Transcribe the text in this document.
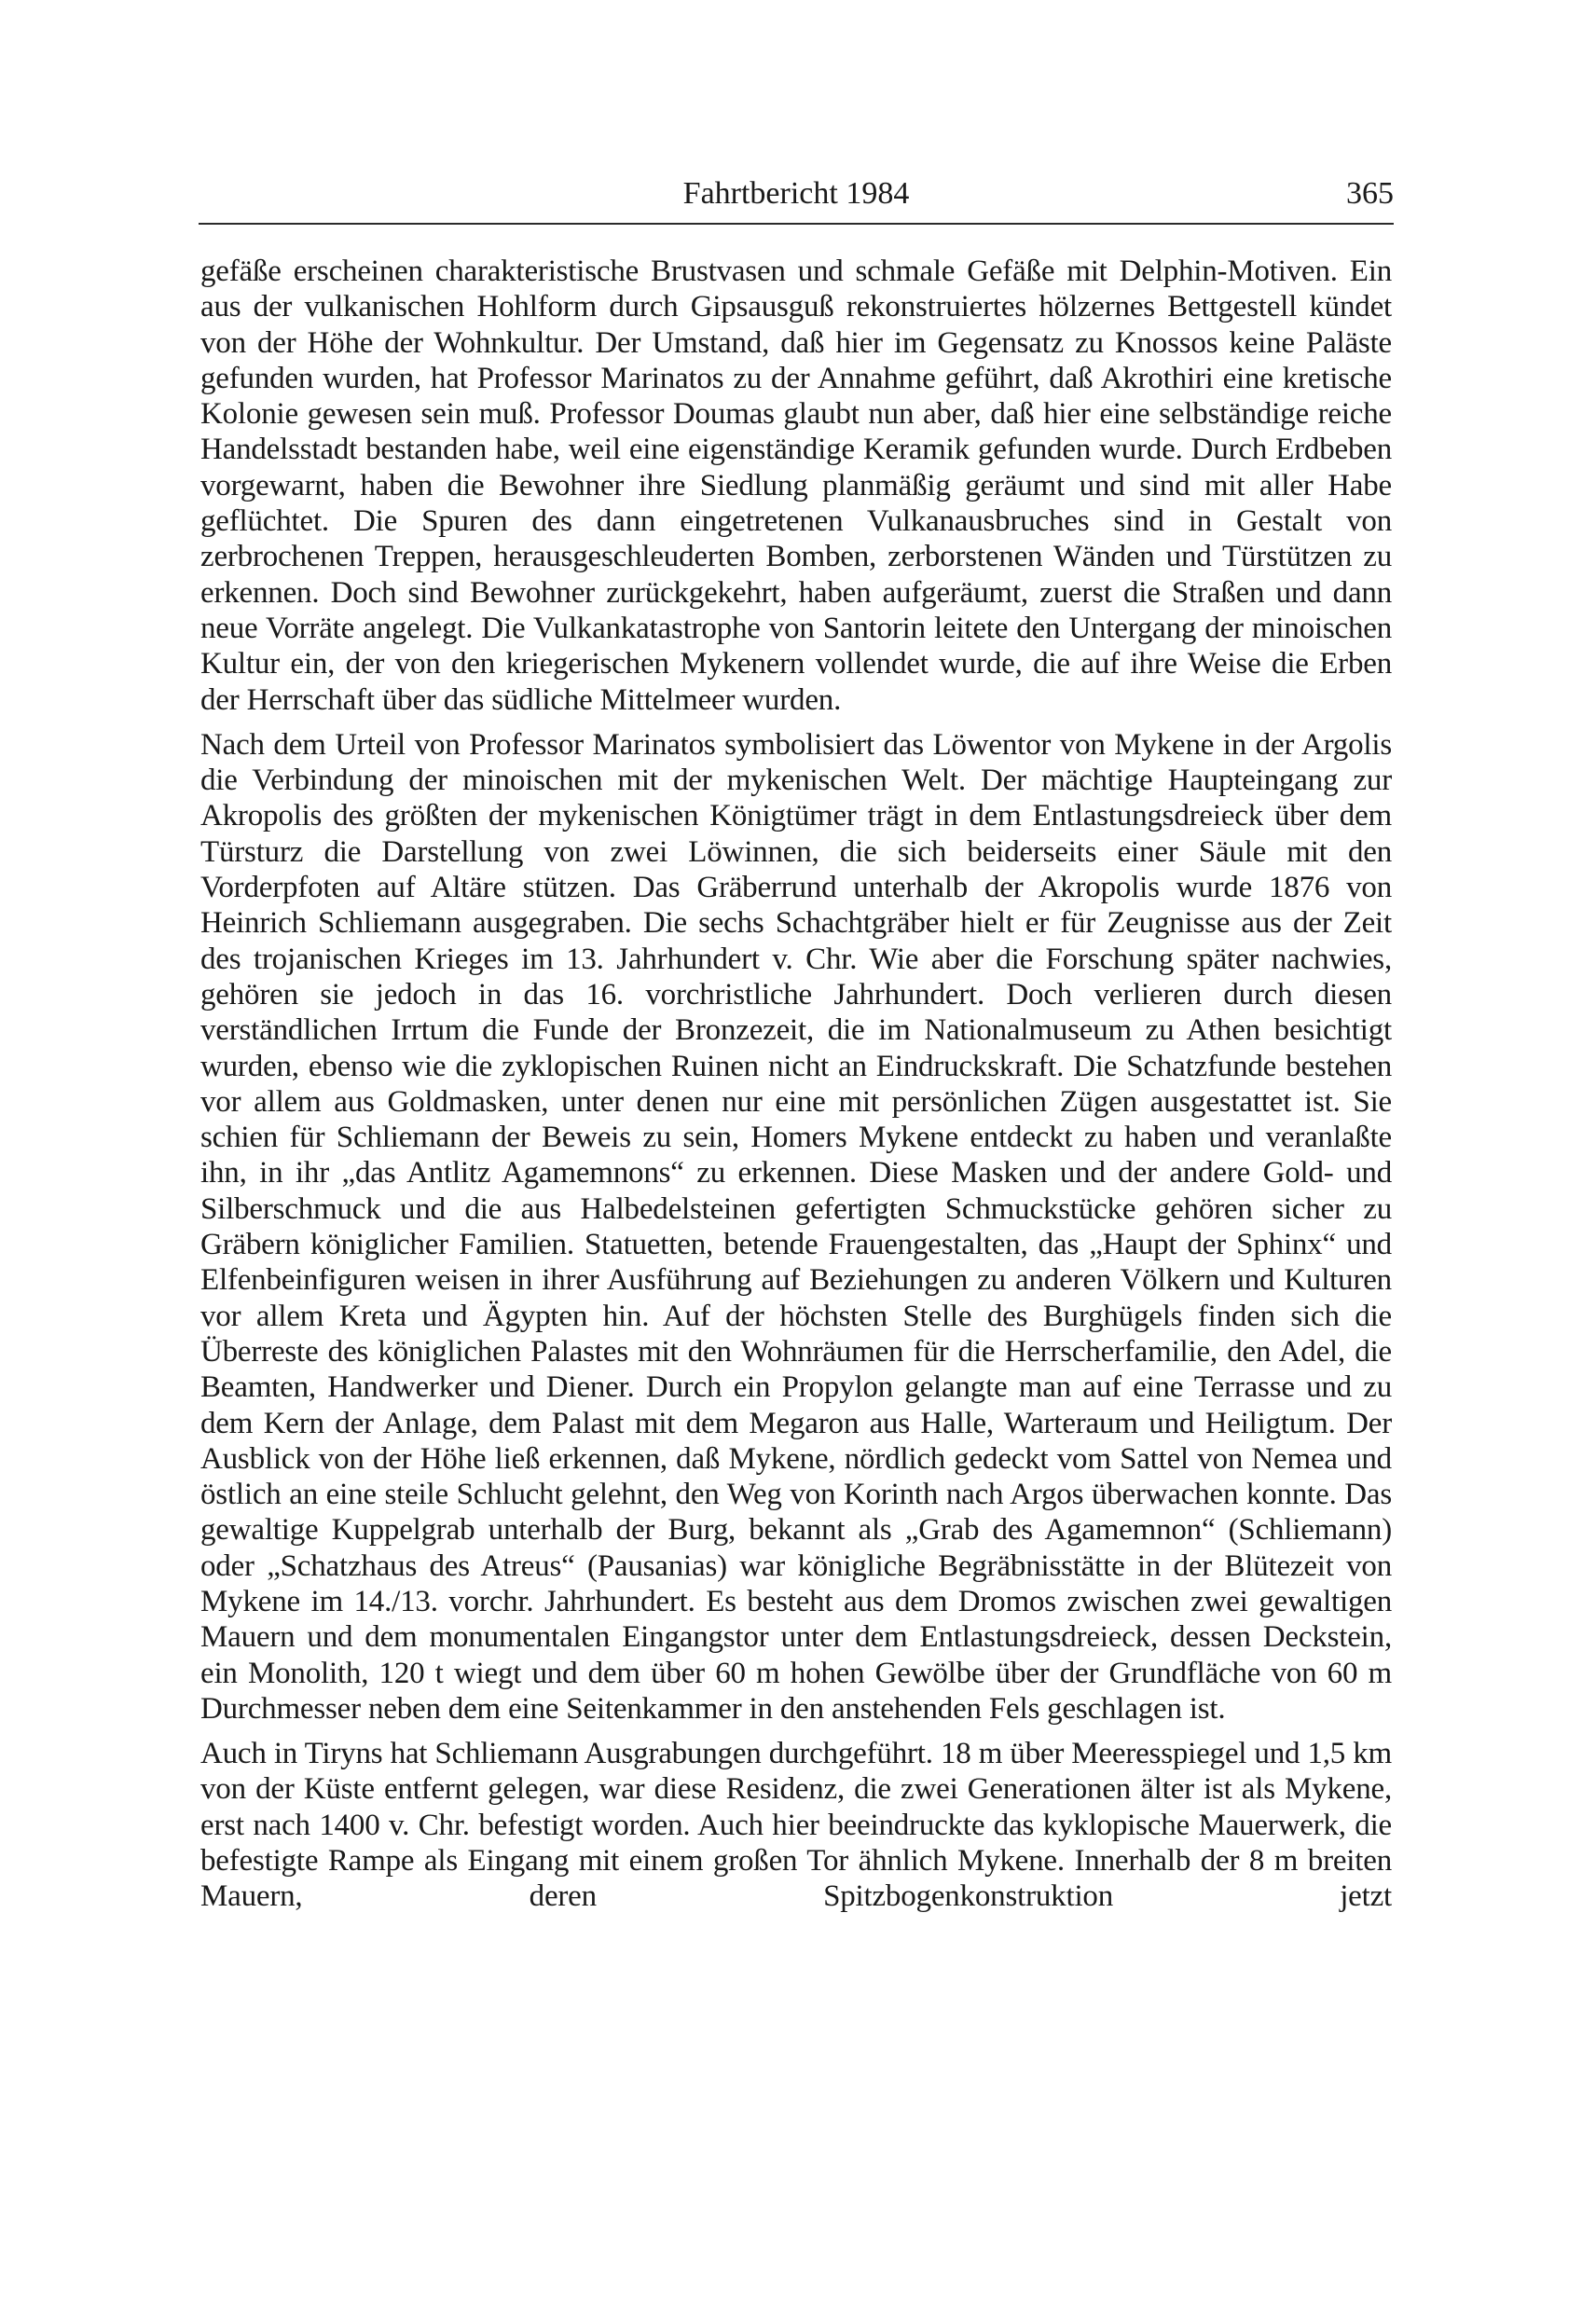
Fahrtbericht 1984	365

gefäße erscheinen charakteristische Brustvasen und schmale Gefäße mit Delphin-Motiven. Ein aus der vulkanischen Hohlform durch Gipsausguß rekonstruiertes hölzernes Bettgestell kündet von der Höhe der Wohnkultur. Der Umstand, daß hier im Gegensatz zu Knossos keine Paläste gefunden wurden, hat Professor Marinatos zu der Annahme geführt, daß Akrothiri eine kretische Kolonie gewesen sein muß. Professor Doumas glaubt nun aber, daß hier eine selbständige reiche Handelsstadt bestanden habe, weil eine eigenständige Keramik gefunden wurde. Durch Erdbeben vorgewarnt, haben die Bewohner ihre Siedlung planmäßig geräumt und sind mit aller Habe geflüchtet. Die Spuren des dann eingetretenen Vulkanausbruches sind in Gestalt von zerbrochenen Treppen, herausgeschleuderten Bomben, zerborstenen Wänden und Türstützen zu erkennen. Doch sind Bewohner zurückgekehrt, haben aufgeräumt, zuerst die Straßen und dann neue Vorräte angelegt. Die Vulkankatastrophe von Santorin leitete den Untergang der minoischen Kultur ein, der von den kriegerischen Mykenern vollendet wurde, die auf ihre Weise die Erben der Herrschaft über das südliche Mittelmeer wurden.

Nach dem Urteil von Professor Marinatos symbolisiert das Löwentor von Mykene in der Argolis die Verbindung der minoischen mit der mykenischen Welt. Der mächtige Haupteingang zur Akropolis des größten der mykenischen Königtümer trägt in dem Entlastungsdreieck über dem Türsturz die Darstellung von zwei Löwinnen, die sich beiderseits einer Säule mit den Vorderpfoten auf Altäre stützen. Das Gräberrund unterhalb der Akropolis wurde 1876 von Heinrich Schliemann ausgegraben. Die sechs Schachtgräber hielt er für Zeugnisse aus der Zeit des trojanischen Krieges im 13. Jahrhundert v. Chr. Wie aber die Forschung später nachwies, gehören sie jedoch in das 16. vorchristliche Jahrhundert. Doch verlieren durch diesen verständlichen Irrtum die Funde der Bronzezeit, die im Nationalmuseum zu Athen besichtigt wurden, ebenso wie die zyklopischen Ruinen nicht an Eindruckskraft. Die Schatzfunde bestehen vor allem aus Goldmasken, unter denen nur eine mit persönlichen Zügen ausgestattet ist. Sie schien für Schliemann der Beweis zu sein, Homers Mykene entdeckt zu haben und veranlaßte ihn, in ihr „das Antlitz Agamemnons“ zu erkennen. Diese Masken und der andere Gold- und Silberschmuck und die aus Halbedelsteinen gefertigten Schmuckstücke gehören sicher zu Gräbern königlicher Familien. Statuetten, betende Frauengestalten, das „Haupt der Sphinx“ und Elfenbeinfiguren weisen in ihrer Ausführung auf Beziehungen zu anderen Völkern und Kulturen vor allem Kreta und Ägypten hin. Auf der höchsten Stelle des Burghügels finden sich die Überreste des königlichen Palastes mit den Wohnräumen für die Herrscherfamilie, den Adel, die Beamten, Handwerker und Diener. Durch ein Propylon gelangte man auf eine Terrasse und zu dem Kern der Anlage, dem Palast mit dem Megaron aus Halle, Warteraum und Heiligtum. Der Ausblick von der Höhe ließ erkennen, daß Mykene, nördlich gedeckt vom Sattel von Nemea und östlich an eine steile Schlucht gelehnt, den Weg von Korinth nach Argos überwachen konnte. Das gewaltige Kuppelgrab unterhalb der Burg, bekannt als „Grab des Agamemnon“ (Schliemann) oder „Schatzhaus des Atreus“ (Pausanias) war königliche Begräbnisstätte in der Blütezeit von Mykene im 14./13. vorchr. Jahrhundert. Es besteht aus dem Dromos zwischen zwei gewaltigen Mauern und dem monumentalen Eingangstor unter dem Entlastungsdreieck, dessen Deckstein, ein Monolith, 120 t wiegt und dem über 60 m hohen Gewölbe über der Grundfläche von 60 m Durchmesser neben dem eine Seitenkammer in den anstehenden Fels geschlagen ist.

Auch in Tiryns hat Schliemann Ausgrabungen durchgeführt. 18 m über Meeresspiegel und 1,5 km von der Küste entfernt gelegen, war diese Residenz, die zwei Generationen älter ist als Mykene, erst nach 1400 v. Chr. befestigt worden. Auch hier beeindruckte das kyklopische Mauerwerk, die befestigte Rampe als Eingang mit einem großen Tor ähnlich Mykene. Innerhalb der 8 m breiten Mauern, deren Spitzbogenkonstruktion jetzt
